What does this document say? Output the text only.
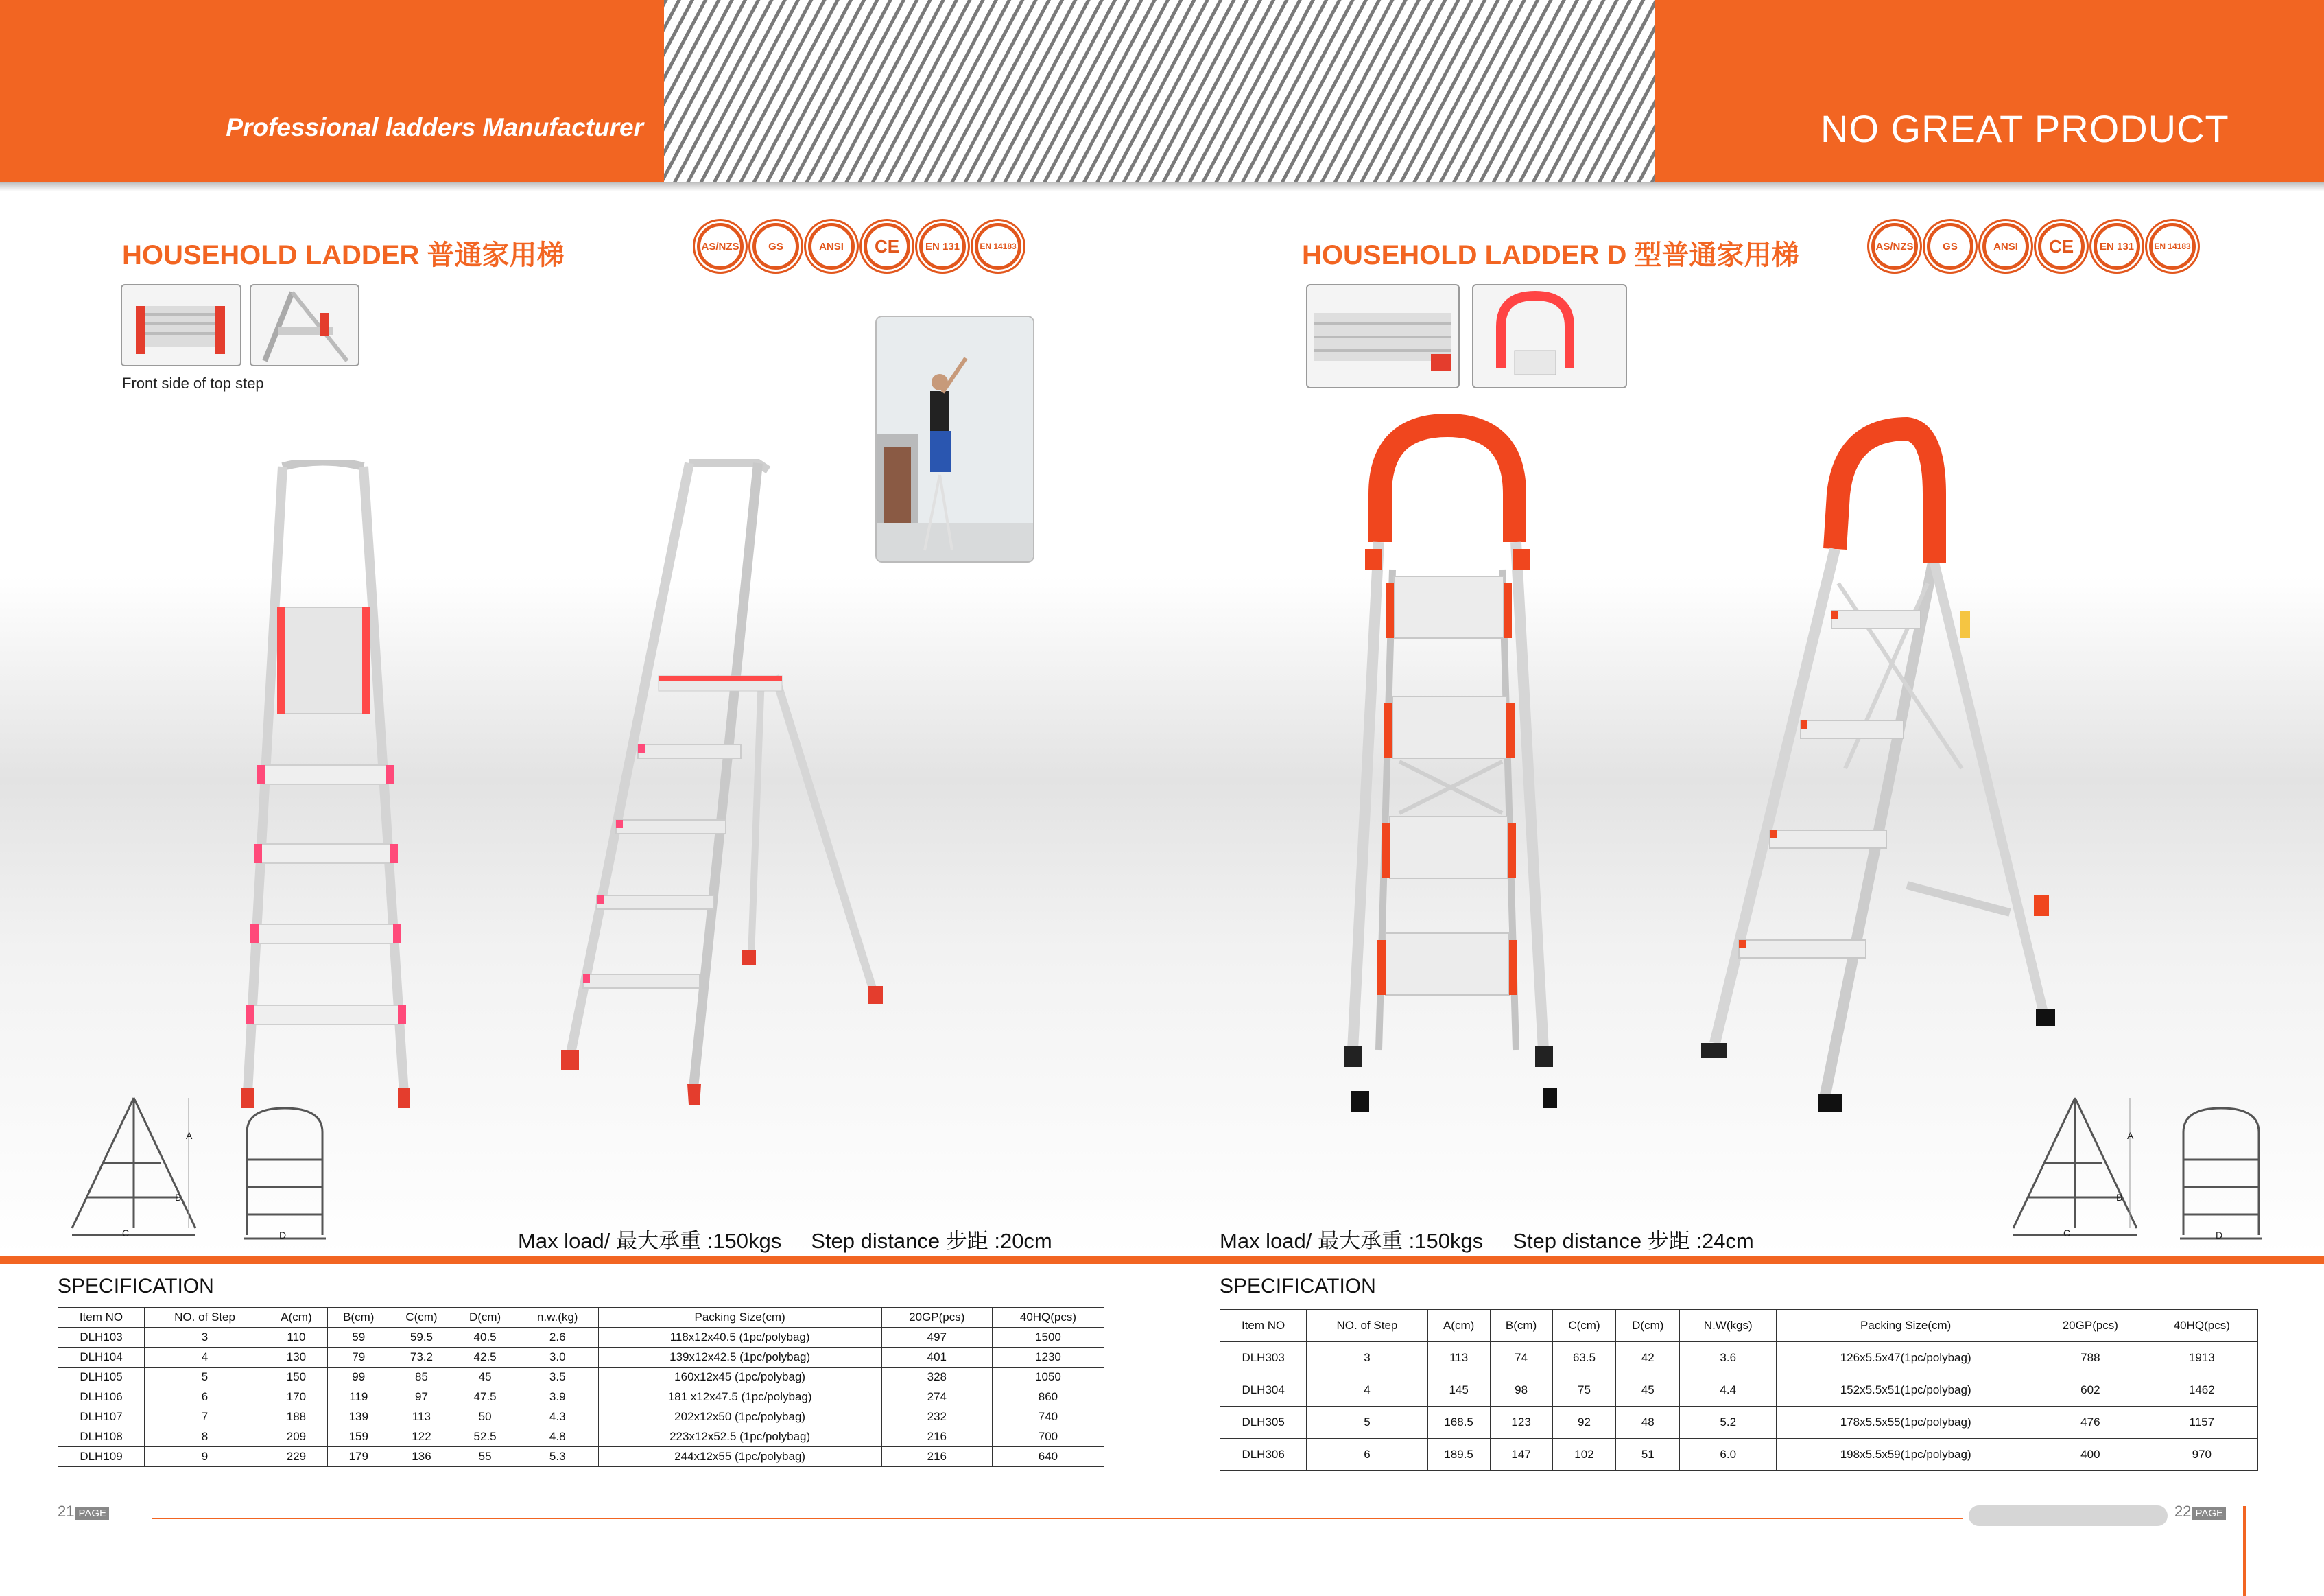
Professional ladders Manufacturer	NO GREAT PRODUCT
HOUSEHOLD LADDER 普通家用梯	AS/NZS	GS	ANSI	CE	EN 131	EN 14183
Front side of top step
A
B
C	D	Max load/ 最大承重 :150kgs     Step distance 步距 :20cm
HOUSEHOLD LADDER D 型普通家用梯	AS/NZS	GS	ANSI	CE	EN 131	EN 14183
A
B
C	D
Max load/ 最大承重 :150kgs     Step distance 步距 :24cm
SPECIFICATION
Item NO	NO. of Step	A(cm)	B(cm)	C(cm)	D(cm)	n.w.(kg)	Packing Size(cm)	20GP(pcs)	40HQ(pcs)
DLH103	3	110	59	59.5	40.5	2.6	118x12x40.5 (1pc/polybag)	497	1500
DLH104	4	130	79	73.2	42.5	3.0	139x12x42.5 (1pc/polybag)	401	1230
DLH105	5	150	99	85	45	3.5	160x12x45 (1pc/polybag)	328	1050
DLH106	6	170	119	97	47.5	3.9	181 x12x47.5 (1pc/polybag)	274	860
DLH107	7	188	139	113	50	4.3	202x12x50 (1pc/polybag)	232	740
DLH108	8	209	159	122	52.5	4.8	223x12x52.5 (1pc/polybag)	216	700
DLH109	9	229	179	136	55	5.3	244x12x55 (1pc/polybag)	216	640
SPECIFICATION
Item NO	NO. of Step	A(cm)	B(cm)	C(cm)	D(cm)	N.W(kgs)	Packing Size(cm)	20GP(pcs)	40HQ(pcs)
DLH303	3	113	74	63.5	42	3.6	126x5.5x47(1pc/polybag)	788	1913
DLH304	4	145	98	75	45	4.4	152x5.5x51(1pc/polybag)	602	1462
DLH305	5	168.5	123	92	48	5.2	178x5.5x55(1pc/polybag)	476	1157
DLH306	6	189.5	147	102	51	6.0	198x5.5x59(1pc/polybag)	400	970
21 PAGE	22 PAGE
